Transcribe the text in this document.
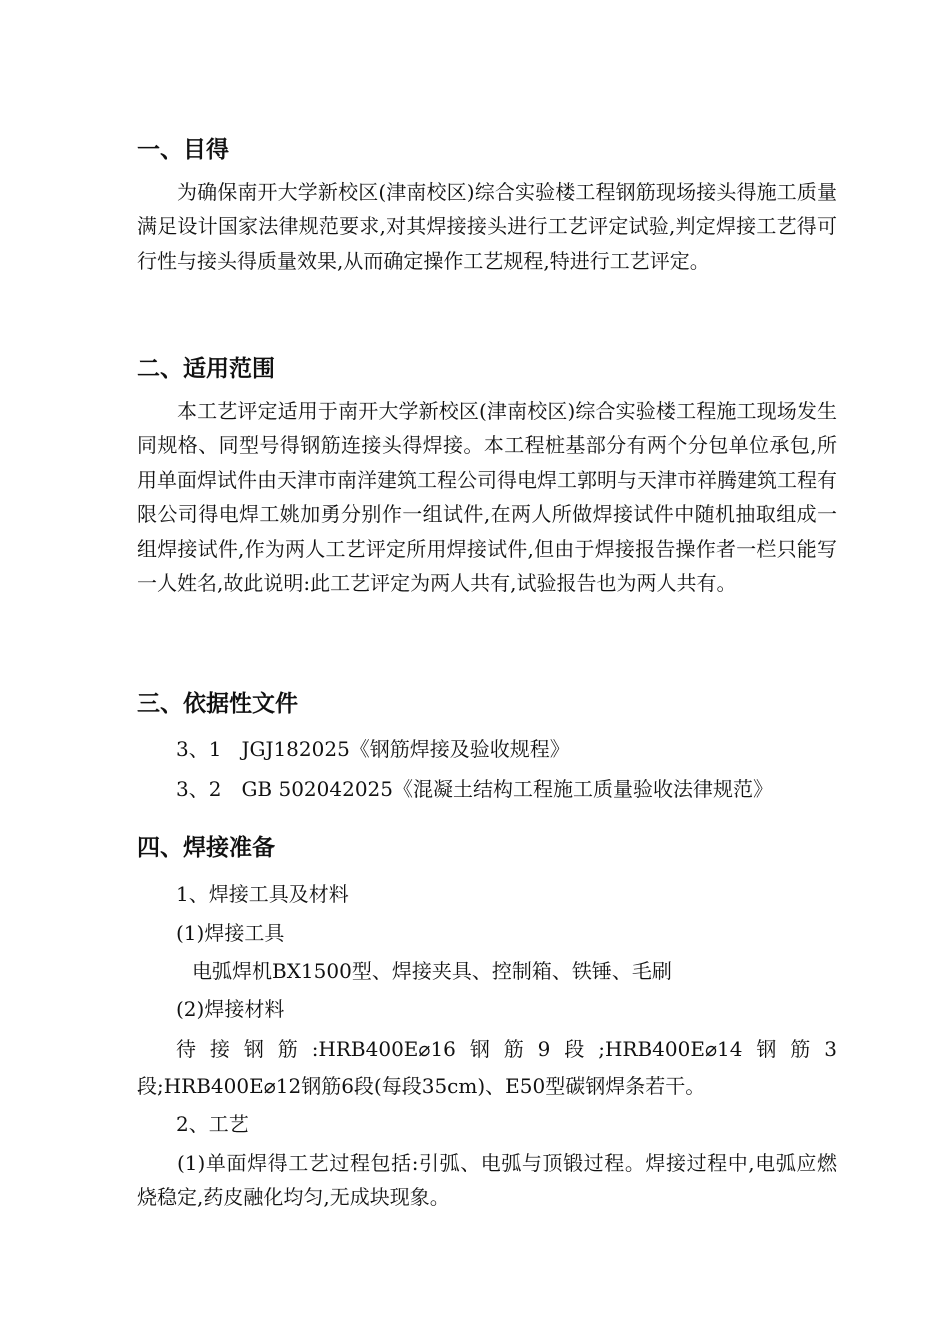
一、目得

为确保南开大学新校区(津南校区)综合实验楼工程钢筋现场接头得施工质量满足设计国家法律规范要求,对其焊接接头进行工艺评定试验,判定焊接工艺得可行性与接头得质量效果,从而确定操作工艺规程,特进行工艺评定。

二、适用范围

本工艺评定适用于南开大学新校区(津南校区)综合实验楼工程施工现场发生同规格、同型号得钢筋连接头得焊接。本工程桩基部分有两个分包单位承包,所用单面焊试件由天津市南洋建筑工程公司得电焊工郭明与天津市祥腾建筑工程有限公司得电焊工姚加勇分别作一组试件,在两人所做焊接试件中随机抽取组成一组焊接试件,作为两人工艺评定所用焊接试件,但由于焊接报告操作者一栏只能写一人姓名,故此说明:此工艺评定为两人共有,试验报告也为两人共有。

三、依据性文件
3、1　JGJ182025《钢筋焊接及验收规程》
3、2　GB 502042025《混凝土结构工程施工质量验收法律规范》
四、焊接准备
1、焊接工具及材料
(1)焊接工具
电弧焊机BX1500型、焊接夹具、控制箱、铁锤、毛刷
(2)焊接材料
待 接 钢 筋 :HRB400E⌀16 钢 筋 9 段 ;HRB400E⌀14 钢 筋 3
段;HRB400E⌀12钢筋6段(每段35cm)、E50型碳钢焊条若干。
2、工艺

(1)单面焊得工艺过程包括:引弧、电弧与顶锻过程。焊接过程中,电弧应燃烧稳定,药皮融化均匀,无成块现象。
